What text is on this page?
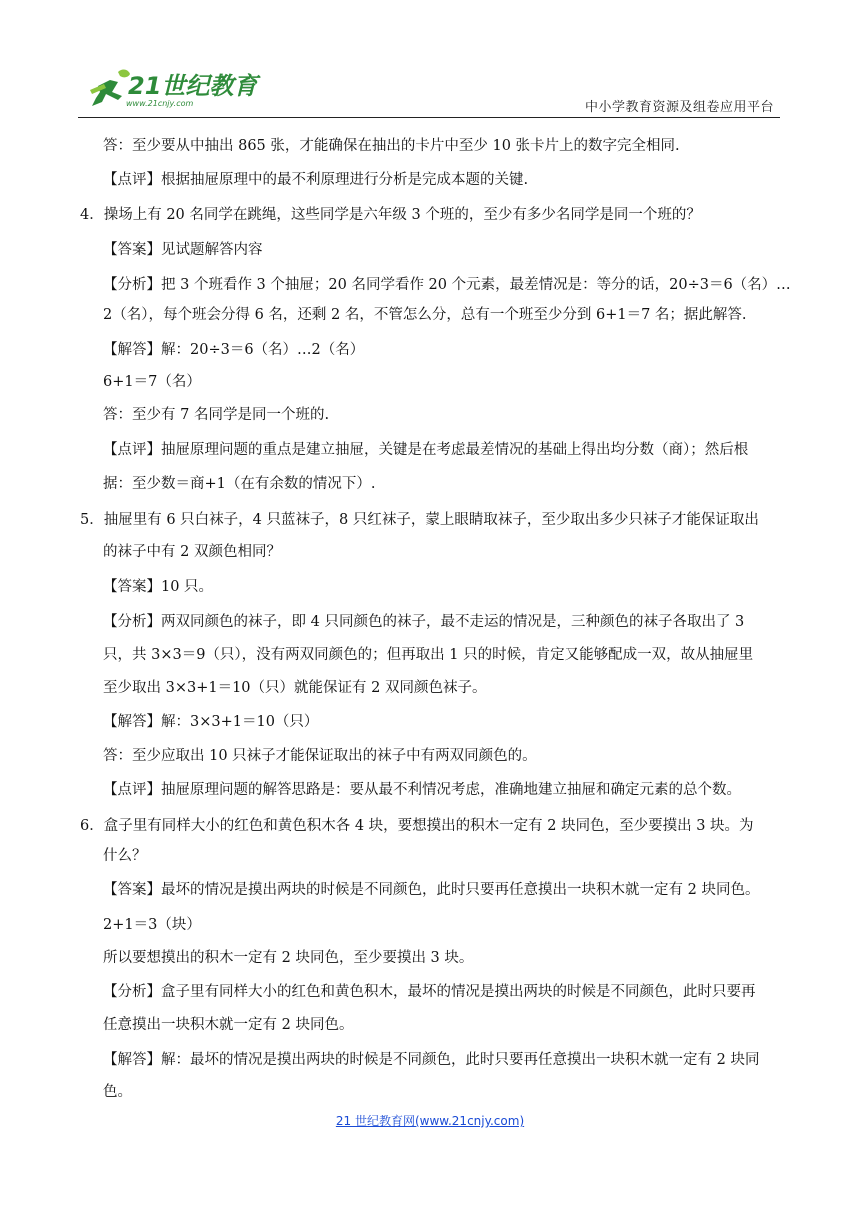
21世纪教育
www.21cnjy.com	中小学教育资源及组卷应用平台
答：至少要从中抽出 865 张，才能确保在抽出的卡片中至少 10 张卡片上的数字完全相同.
【点评】根据抽屉原理中的最不利原理进行分析是完成本题的关键.
4．操场上有 20 名同学在跳绳，这些同学是六年级 3 个班的，至少有多少名同学是同一个班的？
【答案】见试题解答内容
【分析】把 3 个班看作 3 个抽屉；20 名同学看作 20 个元素，最差情况是：等分的话，20÷3＝6（名）…
2（名），每个班会分得 6 名，还剩 2 名，不管怎么分，总有一个班至少分到 6+1＝7 名；据此解答.
【解答】解：20÷3＝6（名）…2（名）
6+1＝7（名）
答：至少有 7 名同学是同一个班的.
【点评】抽屉原理问题的重点是建立抽屉，关键是在考虑最差情况的基础上得出均分数（商）；然后根
据：至少数＝商+1（在有余数的情况下）.
5．抽屉里有 6 只白袜子，4 只蓝袜子，8 只红袜子，蒙上眼睛取袜子，至少取出多少只袜子才能保证取出
的袜子中有 2 双颜色相同？
【答案】10 只。
【分析】两双同颜色的袜子，即 4 只同颜色的袜子，最不走运的情况是，三种颜色的袜子各取出了 3
只，共 3×3＝9（只），没有两双同颜色的；但再取出 1 只的时候，肯定又能够配成一双，故从抽屉里
至少取出 3×3+1＝10（只）就能保证有 2 双同颜色袜子。
【解答】解：3×3+1＝10（只）
答：至少应取出 10 只袜子才能保证取出的袜子中有两双同颜色的。
【点评】抽屉原理问题的解答思路是：要从最不利情况考虑，准确地建立抽屉和确定元素的总个数。
6．盒子里有同样大小的红色和黄色积木各 4 块，要想摸出的积木一定有 2 块同色，至少要摸出 3 块。为
什么？
【答案】最坏的情况是摸出两块的时候是不同颜色，此时只要再任意摸出一块积木就一定有 2 块同色。
2+1＝3（块）
所以要想摸出的积木一定有 2 块同色，至少要摸出 3 块。
【分析】盒子里有同样大小的红色和黄色积木，最坏的情况是摸出两块的时候是不同颜色，此时只要再
任意摸出一块积木就一定有 2 块同色。
【解答】解：最坏的情况是摸出两块的时候是不同颜色，此时只要再任意摸出一块积木就一定有 2 块同
色。
21 世纪教育网(www.21cnjy.com)
